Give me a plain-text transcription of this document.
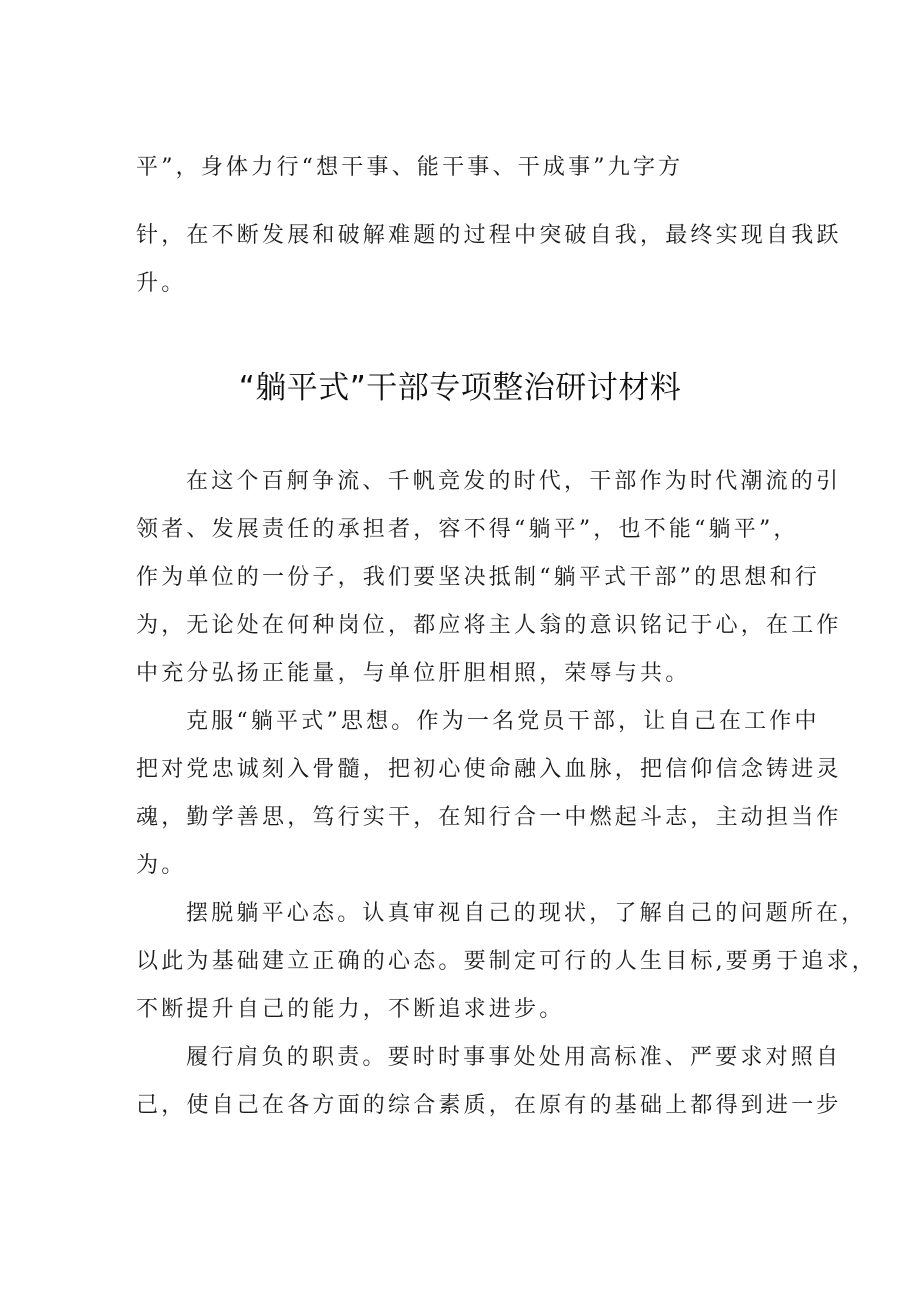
平”，身体力行“想干事、能干事、干成事”九字方
针，在不断发展和破解难题的过程中突破自我，最终实现自我跃
升。
“躺平式”干部专项整治研讨材料
在这个百舸争流、千帆竞发的时代，干部作为时代潮流的引
领者、发展责任的承担者，容不得“躺平”，也不能“躺平”，
作为单位的一份子，我们要坚决抵制“躺平式干部”的思想和行
为，无论处在何种岗位，都应将主人翁的意识铭记于心，在工作
中充分弘扬正能量，与单位肝胆相照，荣辱与共。
克服“躺平式”思想。作为一名党员干部，让自己在工作中
把对党忠诚刻入骨髓，把初心使命融入血脉，把信仰信念铸进灵
魂，勤学善思，笃行实干，在知行合一中燃起斗志，主动担当作
为。
摆脱躺平心态。认真审视自己的现状，了解自己的问题所在，
以此为基础建立正确的心态。要制定可行的人生目标,要勇于追求，
不断提升自己的能力，不断追求进步。
履行肩负的职责。要时时事事处处用高标准、严要求对照自
己，使自己在各方面的综合素质，在原有的基础上都得到进一步
